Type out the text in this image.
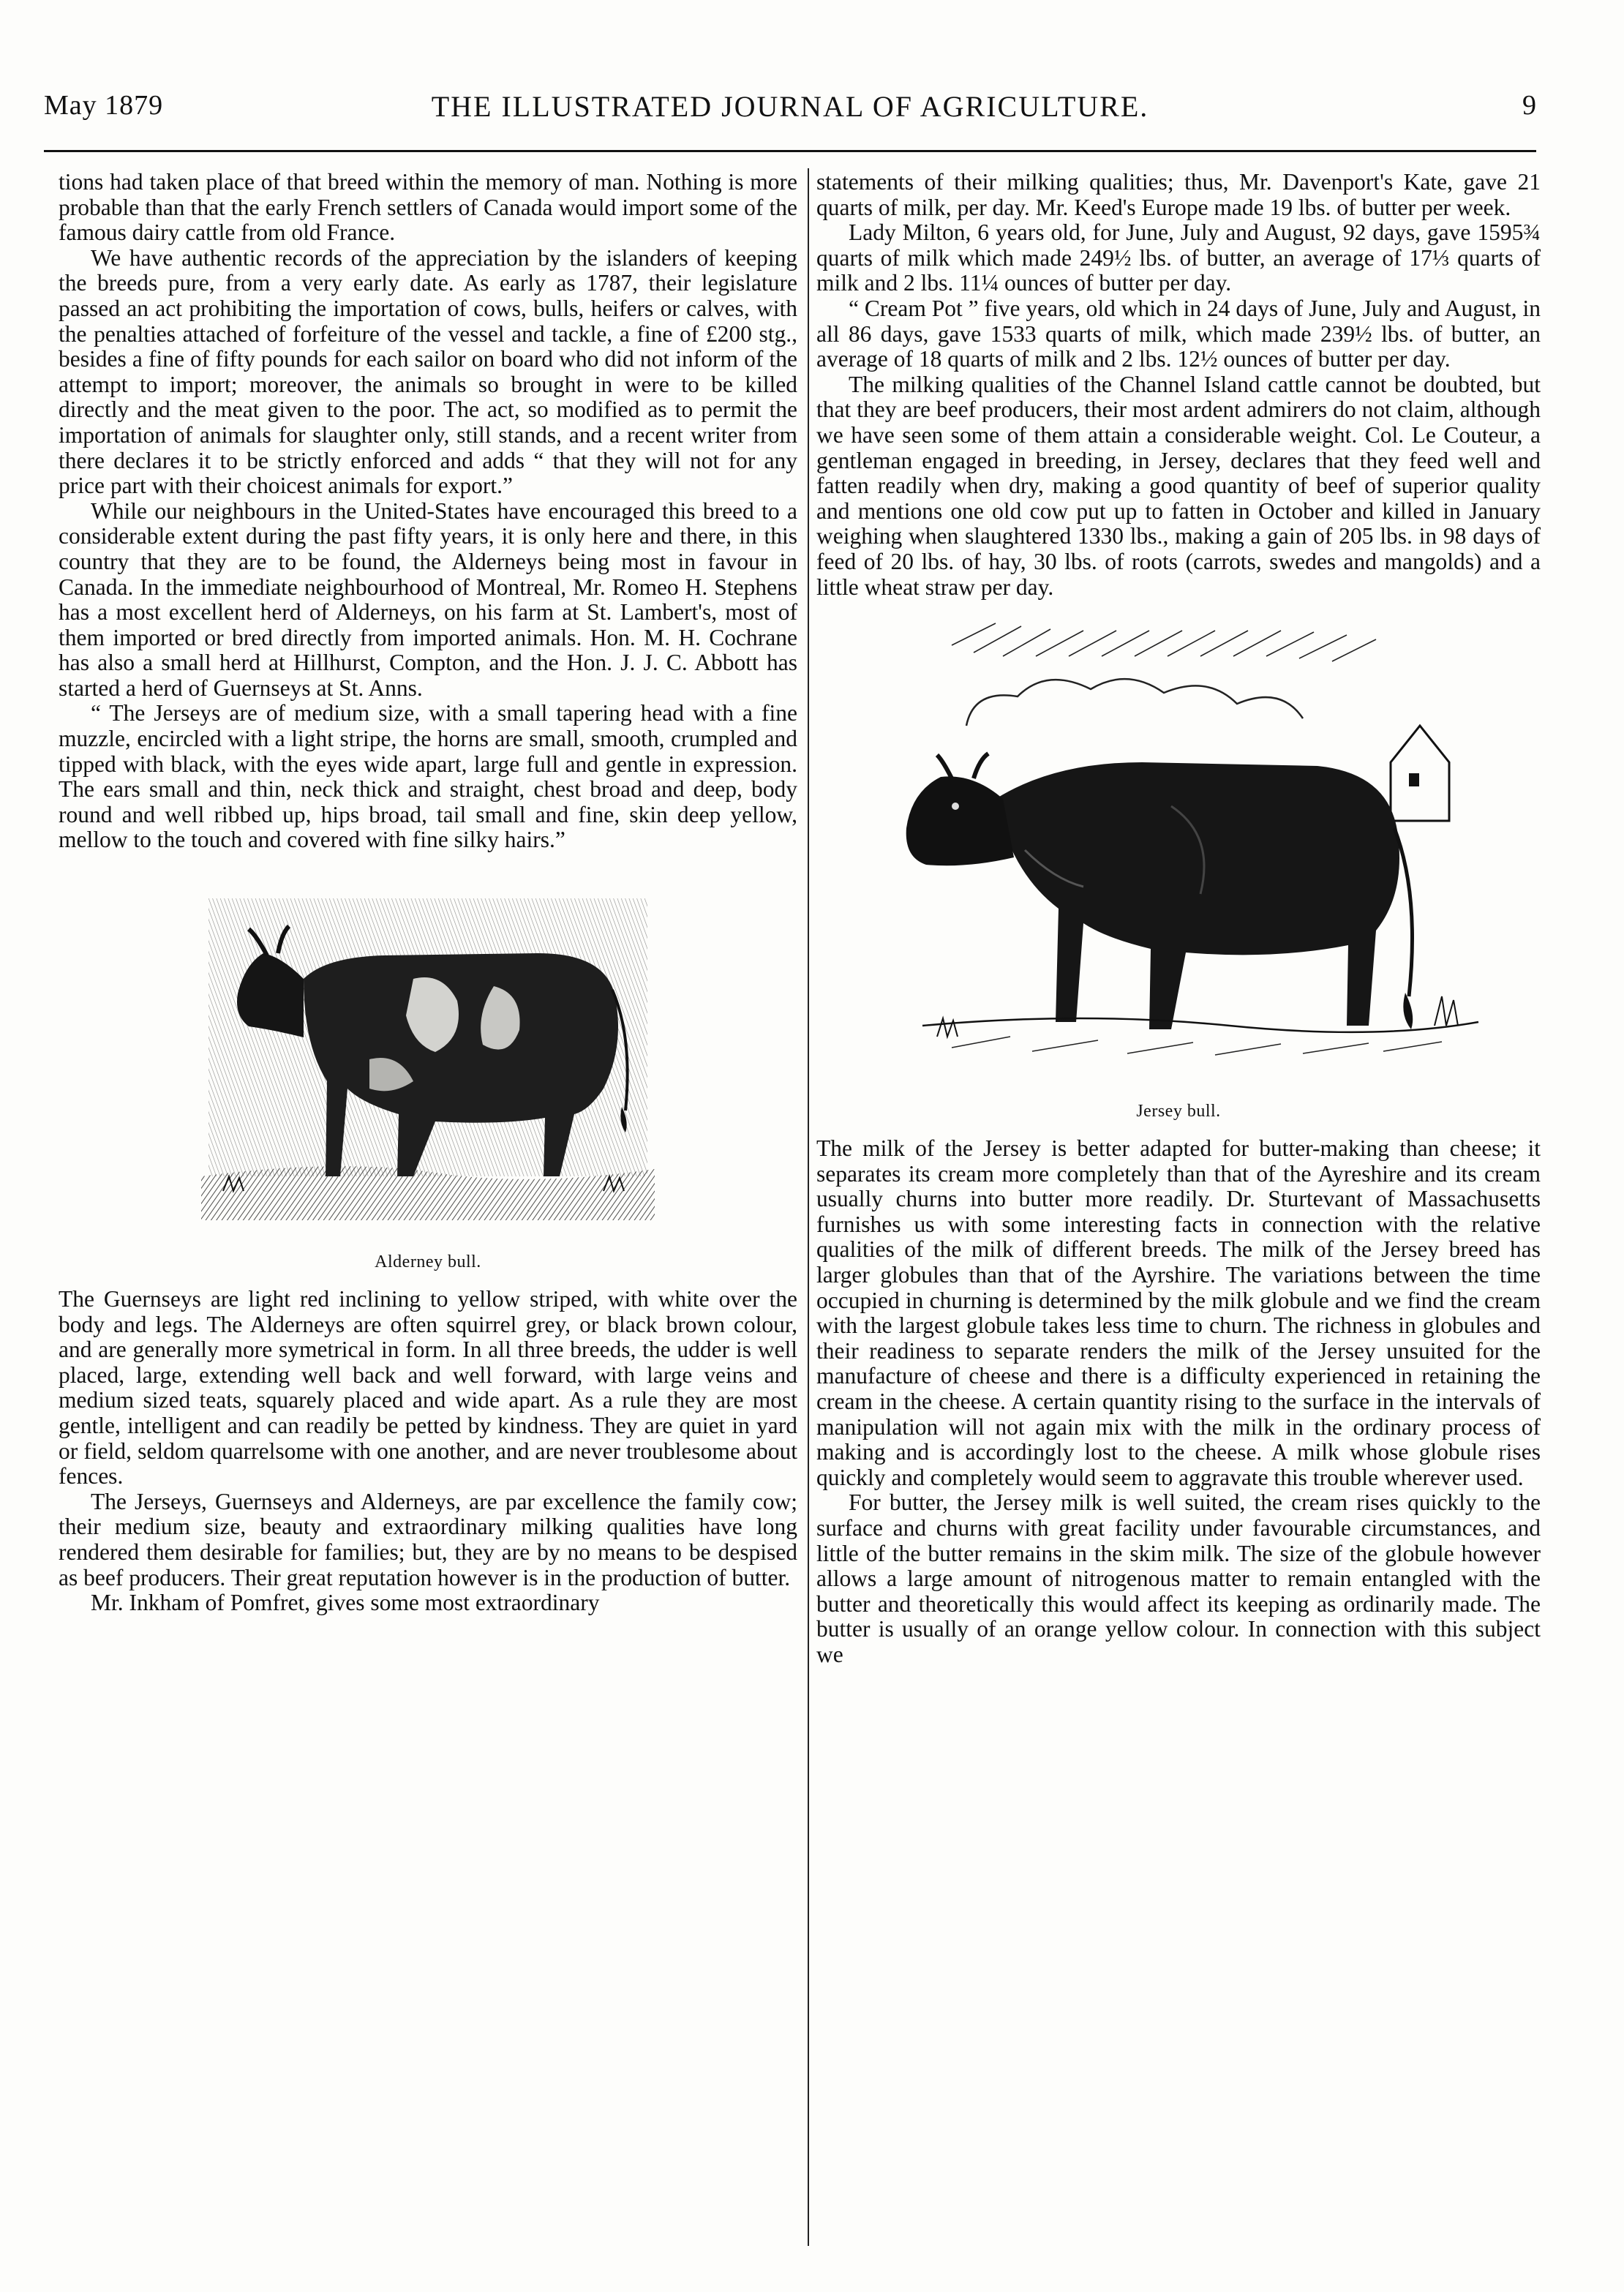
May 1879	THE ILLUSTRATED JOURNAL OF AGRICULTURE.	9

tions had taken place of that breed within the memory of man. Nothing is more probable than that the early French settlers of Canada would import some of the famous dairy cattle from old France.

We have authentic records of the appreciation by the islanders of keeping the breeds pure, from a very early date. As early as 1787, their legislature passed an act prohibiting the importation of cows, bulls, heifers or calves, with the penalties attached of forfeiture of the vessel and tackle, a fine of £200 stg., besides a fine of fifty pounds for each sailor on board who did not inform of the attempt to import; moreover, the animals so brought in were to be killed directly and the meat given to the poor. The act, so modified as to permit the importation of animals for slaughter only, still stands, and a recent writer from there declares it to be strictly enforced and adds “ that they will not for any price part with their choicest animals for export.”

While our neighbours in the United-States have encouraged this breed to a considerable extent during the past fifty years, it is only here and there, in this country that they are to be found, the Alderneys being most in favour in Canada. In the immediate neighbourhood of Montreal, Mr. Romeo H. Stephens has a most excellent herd of Alderneys, on his farm at St. Lambert's, most of them imported or bred directly from imported animals. Hon. M. H. Cochrane has also a small herd at Hillhurst, Compton, and the Hon. J. J. C. Abbott has started a herd of Guernseys at St. Anns.

“ The Jerseys are of medium size, with a small tapering head with a fine muzzle, encircled with a light stripe, the horns are small, smooth, crumpled and tipped with black, with the eyes wide apart, large full and gentle in expression. The ears small and thin, neck thick and straight, chest broad and deep, body round and well ribbed up, hips broad, tail small and fine, skin deep yellow, mellow to the touch and covered with fine silky hairs.”

Alderney bull.

The Guernseys are light red inclining to yellow striped, with white over the body and legs. The Alderneys are often squirrel grey, or black brown colour, and are generally more symetrical in form. In all three breeds, the udder is well placed, large, extending well back and well forward, with large veins and medium sized teats, squarely placed and wide apart. As a rule they are most gentle, intelligent and can readily be petted by kindness. They are quiet in yard or field, seldom quarrelsome with one another, and are never troublesome about fences.

The Jerseys, Guernseys and Alderneys, are par excellence the family cow; their medium size, beauty and extraordinary milking qualities have long rendered them desirable for families; but, they are by no means to be despised as beef producers. Their great reputation however is in the production of butter.

Mr. Inkham of Pomfret, gives some most extraordinary

statements of their milking qualities; thus, Mr. Davenport's Kate, gave 21 quarts of milk, per day. Mr. Keed's Europe made 19 lbs. of butter per week.

Lady Milton, 6 years old, for June, July and August, 92 days, gave 1595¾ quarts of milk which made 249½ lbs. of butter, an average of 17⅓ quarts of milk and 2 lbs. 11¼ ounces of butter per day.

“ Cream Pot ” five years, old which in 24 days of June, July and August, in all 86 days, gave 1533 quarts of milk, which made 239½ lbs. of butter, an average of 18 quarts of milk and 2 lbs. 12½ ounces of butter per day.

The milking qualities of the Channel Island cattle cannot be doubted, but that they are beef producers, their most ardent admirers do not claim, although we have seen some of them attain a considerable weight. Col. Le Couteur, a gentleman engaged in breeding, in Jersey, declares that they feed well and fatten readily when dry, making a good quantity of beef of superior quality and mentions one old cow put up to fatten in October and killed in January weighing when slaughtered 1330 lbs., making a gain of 205 lbs. in 98 days of feed of 20 lbs. of hay, 30 lbs. of roots (carrots, swedes and mangolds) and a little wheat straw per day.

Jersey bull.

The milk of the Jersey is better adapted for butter-making than cheese; it separates its cream more completely than that of the Ayreshire and its cream usually churns into butter more readily. Dr. Sturtevant of Massachusetts furnishes us with some interesting facts in connection with the relative qualities of the milk of different breeds. The milk of the Jersey breed has larger globules than that of the Ayrshire. The variations between the time occupied in churning is determined by the milk globule and we find the cream with the largest globule takes less time to churn. The richness in globules and their readiness to separate renders the milk of the Jersey unsuited for the manufacture of cheese and there is a difficulty experienced in retaining the cream in the cheese. A certain quantity rising to the surface in the intervals of manipulation will not again mix with the milk in the ordinary process of making and is accordingly lost to the cheese. A milk whose globule rises quickly and completely would seem to aggravate this trouble wherever used.

For butter, the Jersey milk is well suited, the cream rises quickly to the surface and churns with great facility under favourable circumstances, and little of the butter remains in the skim milk. The size of the globule however allows a large amount of nitrogenous matter to remain entangled with the butter and theoretically this would affect its keeping as ordinarily made. The butter is usually of an orange yellow colour. In connection with this subject we
